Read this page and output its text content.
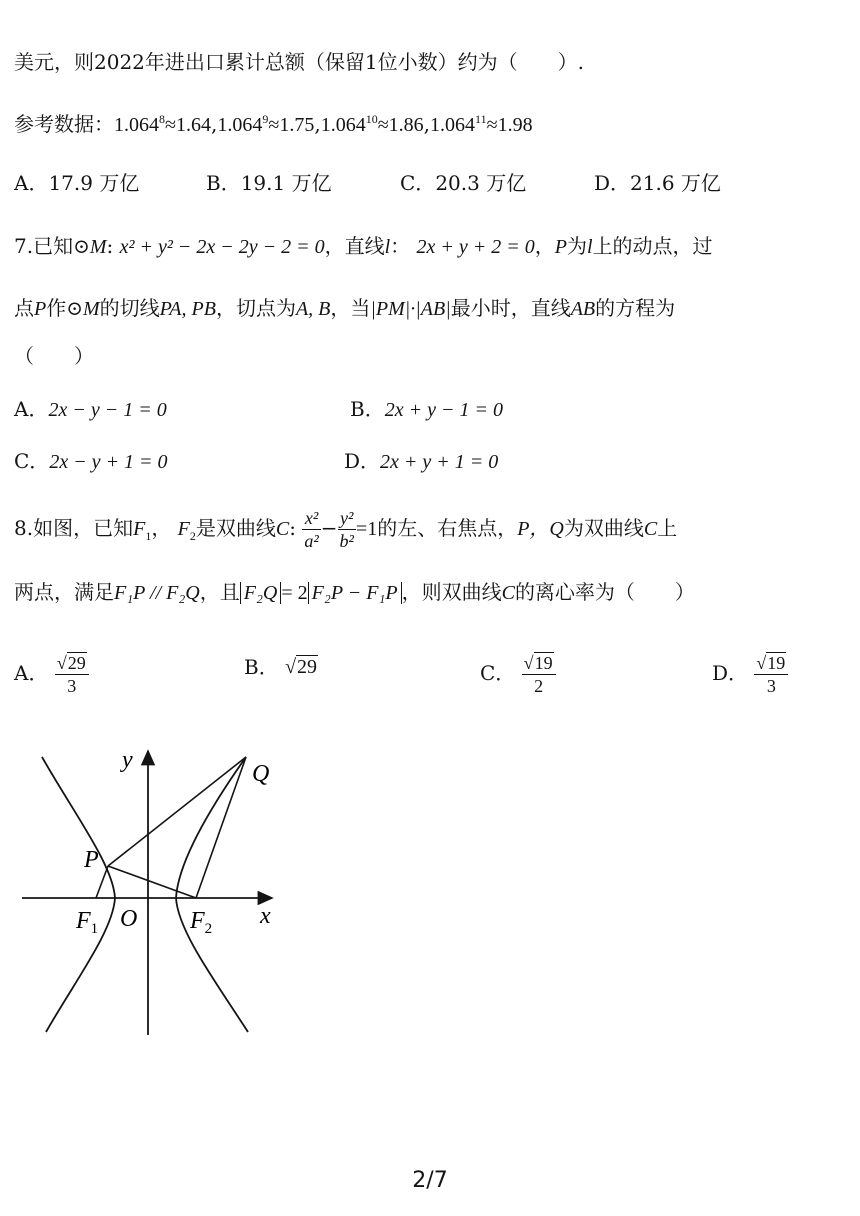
美元，则2022年进出口累计总额（保留1位小数）约为（　　）.
参考数据：$1.064^8\approx 1.64,1.064^9\approx 1.75,1.064^{10}\approx 1.86,1.064^{11}\approx 1.98$
A．17.9 万亿	B．19.1 万亿	C．20.3 万亿	D．21.6 万亿
7.已知⊙M: x² + y² − 2x − 2y − 2 = 0，直线l： 2x + y + 2 = 0，P为l上的动点，过
点P作⊙M的切线PA, PB，切点为A, B，当|PM|·|AB|最小时，直线AB的方程为
（　　）
A．2x − y − 1 = 0	B．2x + y − 1 = 0
C．2x − y + 1 = 0	D．2x + y + 1 = 0
8.如图，已知$F_1$， $F_2$是双曲线C: $\frac{\text{x²}}{\text{a²}} - \frac{\text{y²}}{\text{b²}} =1$的左、右焦点，P，Q为双曲线C上
两点，满足F₁P // F₂Q，且 F₂Q = 2 F₂P − F₁P ，则双曲线C的离心率为（　　）
A． $\frac{√29}{3}$	B． √29	C． $\frac{√19}{2}$	D． $\frac{√19}{3}$
y
x
O
P
Q
$F_1$	$F_2$
2/7
